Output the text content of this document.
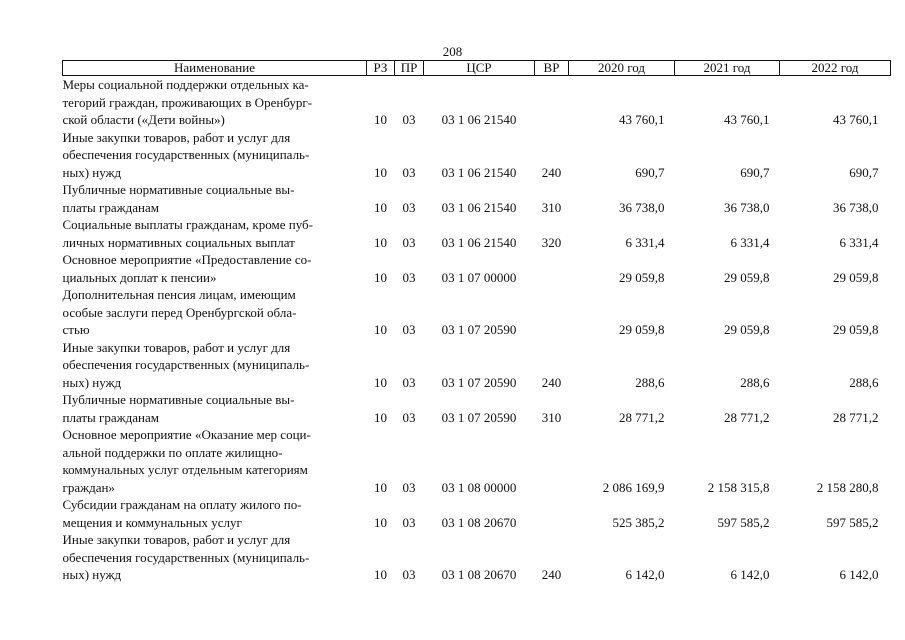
208
Наименование	РЗ	ПР	ЦСР	ВР	2020 год	2021 год	2022 год

Меры социальной поддержки отдельных ка-
тегорий граждан, проживающих в Оренбург-
ской области («Дети войны»)	10	03	03 1 06 21540		43 760,1	43 760,1	43 760,1

Иные закупки товаров, работ и услуг для
обеспечения государственных (муниципаль-
ных) нужд	10	03	03 1 06 21540	240	690,7	690,7	690,7

Публичные нормативные социальные вы-
платы гражданам	10	03	03 1 06 21540	310	36 738,0	36 738,0	36 738,0

Социальные выплаты гражданам, кроме пуб-
личных нормативных социальных выплат	10	03	03 1 06 21540	320	6 331,4	6 331,4	6 331,4

Основное мероприятие «Предоставление со-
циальных доплат к пенсии»	10	03	03 1 07 00000		29 059,8	29 059,8	29 059,8

Дополнительная пенсия лицам, имеющим
особые заслуги перед Оренбургской обла-
стью	10	03	03 1 07 20590		29 059,8	29 059,8	29 059,8

Иные закупки товаров, работ и услуг для
обеспечения государственных (муниципаль-
ных) нужд	10	03	03 1 07 20590	240	288,6	288,6	288,6

Публичные нормативные социальные вы-
платы гражданам	10	03	03 1 07 20590	310	28 771,2	28 771,2	28 771,2

Основное мероприятие «Оказание мер соци-
альной поддержки по оплате жилищно-
коммунальных услуг отдельным категориям
граждан»	10	03	03 1 08 00000		2 086 169,9	2 158 315,8	2 158 280,8

Субсидии гражданам на оплату жилого по-
мещения и коммунальных услуг	10	03	03 1 08 20670		525 385,2	597 585,2	597 585,2

Иные закупки товаров, работ и услуг для
обеспечения государственных (муниципаль-
ных) нужд	10	03	03 1 08 20670	240	6 142,0	6 142,0	6 142,0
